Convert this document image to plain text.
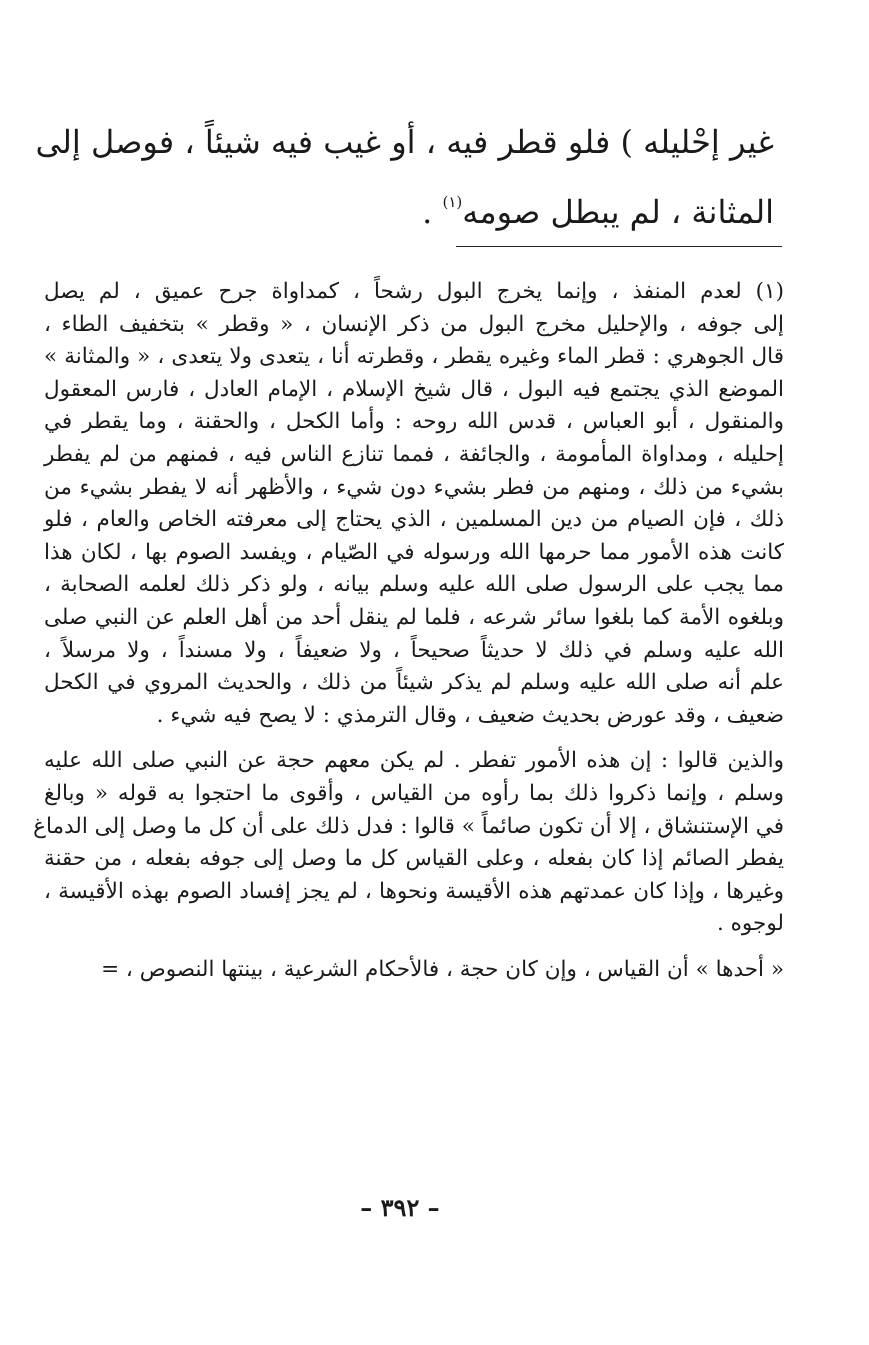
غير إحْليله ) فلو قطر فيه ، أو غيب فيه شيئاً ، فوصل إلى
المثانة ، لم يبطل صومه$^{(١)}$ .
(١) لعدم المنفذ ، وإنما يخرج البول رشحاً ، كمداواة جرح عميق ، لم يصل
إلى جوفه ، والإحليل مخرج البول من ذكر الإنسان ، « وقطر » بتخفيف الطاء ،
قال الجوهري : قطر الماء وغيره يقطر ، وقطرته أنا ، يتعدى ولا يتعدى ، « والمثانة »
الموضع الذي يجتمع فيه البول ، قال شيخ الإسلام ، الإمام العادل ، فارس المعقول
والمنقول ، أبو العباس ، قدس الله روحه : وأما الكحل ، والحقنة ، وما يقطر في
إحليله ، ومداواة المأمومة ، والجائفة ، فمما تنازع الناس فيه ، فمنهم من لم يفطر
بشيء من ذلك ، ومنهم من فطر بشيء دون شيء ، والأظهر أنه لا يفطر بشيء من
ذلك ، فإن الصيام من دين المسلمين ، الذي يحتاج إلى معرفته الخاص والعام ، فلو
كانت هذه الأمور مما حرمها الله ورسوله في الصّيام ، ويفسد الصوم بها ، لكان هذا
مما يجب على الرسول صلى الله عليه وسلم بيانه ، ولو ذكر ذلك لعلمه الصحابة ،
وبلغوه الأمة كما بلغوا سائر شرعه ، فلما لم ينقل أحد من أهل العلم عن النبي صلى
الله عليه وسلم في ذلك لا حديثاً صحيحاً ، ولا ضعيفاً ، ولا مسنداً ، ولا مرسلاً ،
علم أنه صلى الله عليه وسلم لم يذكر شيئاً من ذلك ، والحديث المروي في الكحل
ضعيف ، وقد عورض بحديث ضعيف ، وقال الترمذي : لا يصح فيه شيء .
والذين قالوا : إن هذه الأمور تفطر . لم يكن معهم حجة عن النبي صلى الله عليه
وسلم ، وإنما ذكروا ذلك بما رأوه من القياس ، وأقوى ما احتجوا به قوله « وبالغ
في الإستنشاق ، إلا أن تكون صائماً » قالوا : فدل ذلك على أن كل ما وصل إلى الدماغ
يفطر الصائم إذا كان بفعله ، وعلى القياس كل ما وصل إلى جوفه بفعله ، من حقنة
وغيرها ، وإذا كان عمدتهم هذه الأقيسة ونحوها ، لم يجز إفساد الصوم بهذه الأقيسة ،
لوجوه .
« أحدها » أن القياس ، وإن كان حجة ، فالأحكام الشرعية ، بينتها النصوص ، =
– ٣٩٢ –
